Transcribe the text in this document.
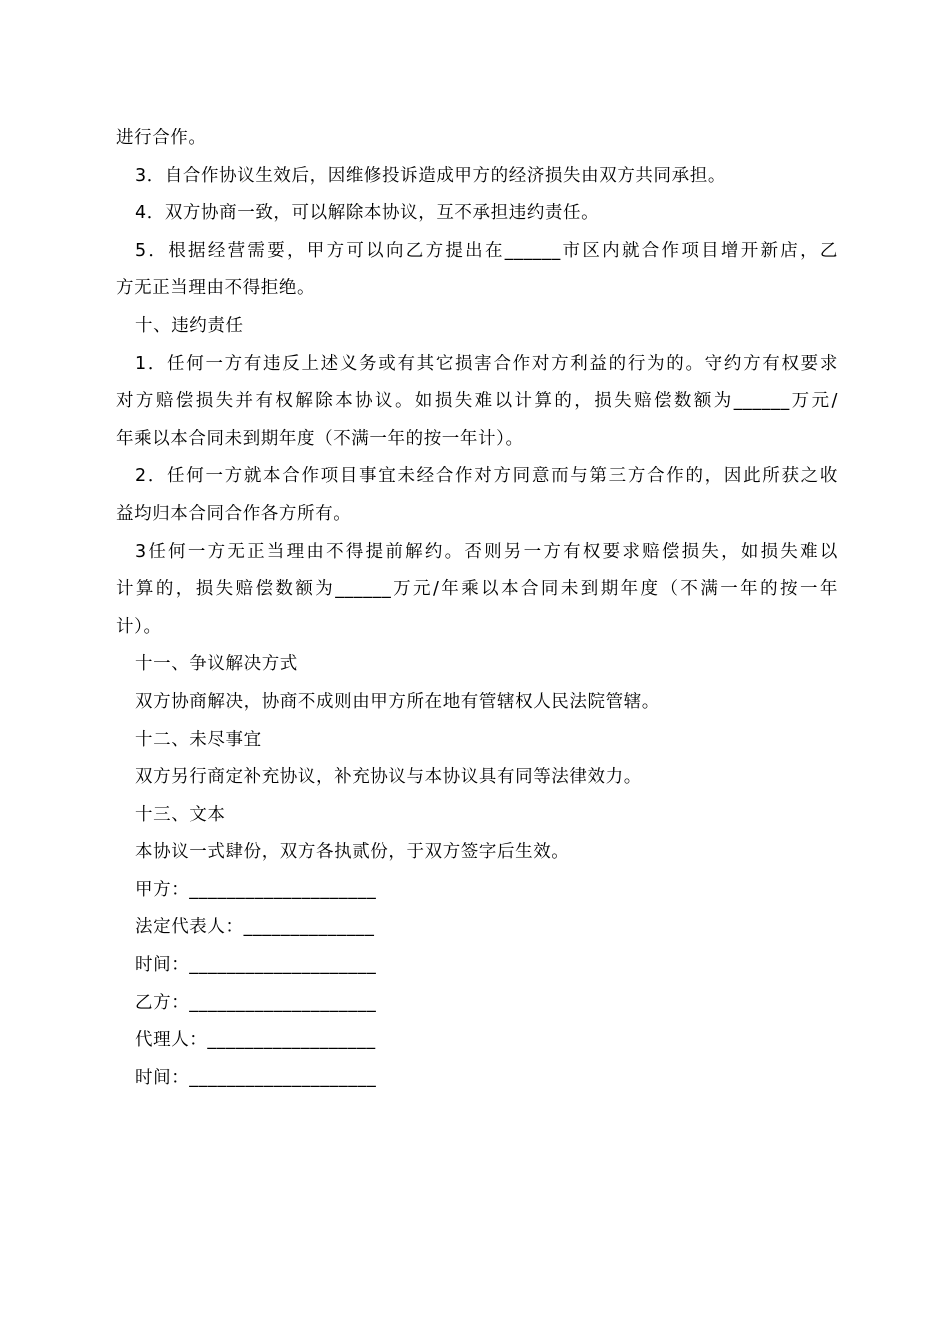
进行合作。
3．自合作协议生效后，因维修投诉造成甲方的经济损失由双方共同承担。
4．双方协商一致，可以解除本协议，互不承担违约责任。
5．根据经营需要，甲方可以向乙方提出在______市区内就合作项目增开新店，乙
方无正当理由不得拒绝。
十、违约责任
1．任何一方有违反上述义务或有其它损害合作对方利益的行为的。守约方有权要求
对方赔偿损失并有权解除本协议。如损失难以计算的，损失赔偿数额为______万元/
年乘以本合同未到期年度（不满一年的按一年计）。
2．任何一方就本合作项目事宜未经合作对方同意而与第三方合作的，因此所获之收
益均归本合同合作各方所有。
3任何一方无正当理由不得提前解约。否则另一方有权要求赔偿损失，如损失难以
计算的，损失赔偿数额为______万元/年乘以本合同未到期年度（不满一年的按一年
计）。
十一、争议解决方式
双方协商解决，协商不成则由甲方所在地有管辖权人民法院管辖。
十二、未尽事宜
双方另行商定补充协议，补充协议与本协议具有同等法律效力。
十三、文本
本协议一式肆份，双方各执贰份，于双方签字后生效。
甲方：____________________
法定代表人：______________
时间：____________________
乙方：____________________
代理人：__________________
时间：____________________
